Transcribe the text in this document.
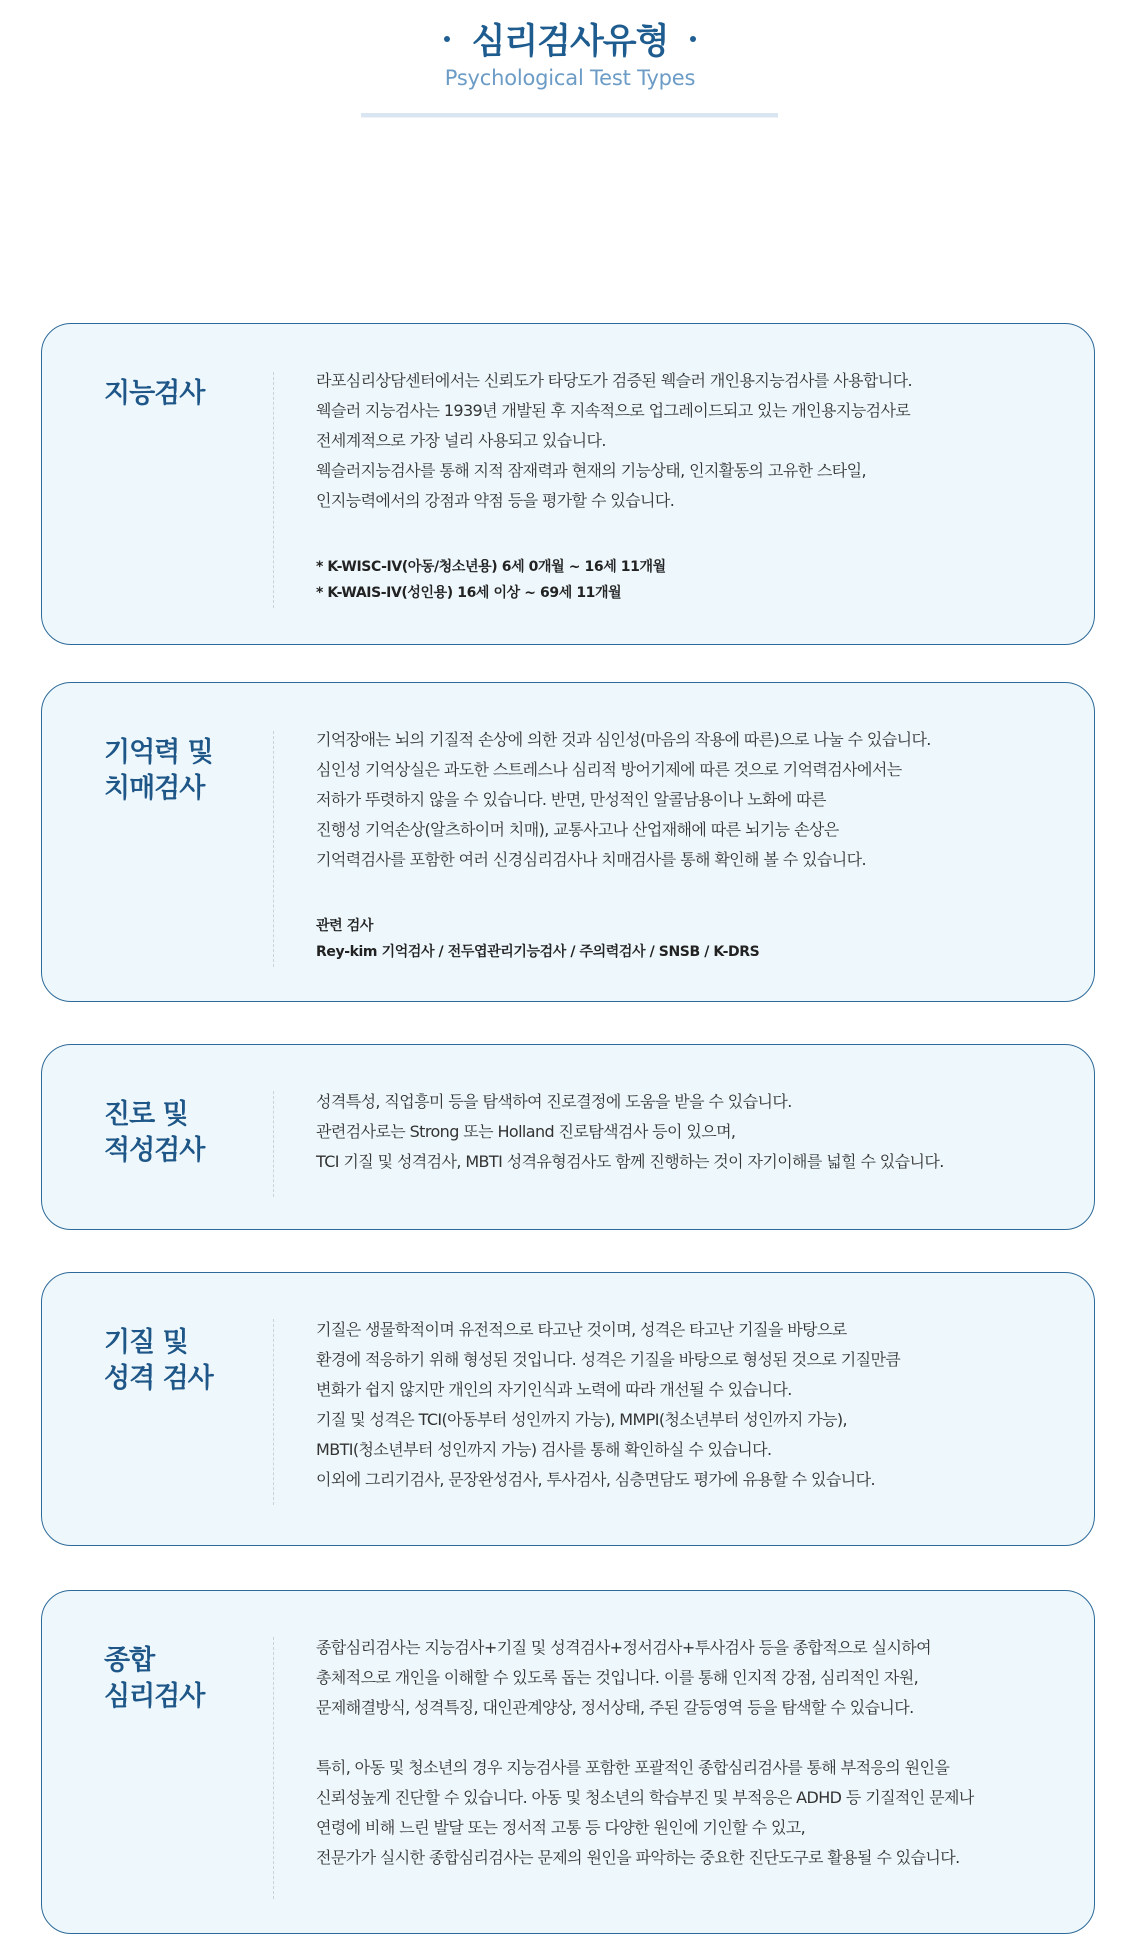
심리검사유형
Psychological Test Types
지능검사	라포심리상담센터에서는 신뢰도가 타당도가 검증된 웩슬러 개인용지능검사를 사용합니다.

웩슬러 지능검사는 1939년 개발된 후 지속적으로 업그레이드되고 있는 개인용지능검사로

전세계적으로 가장 널리 사용되고 있습니다.

웩슬러지능검사를 통해 지적 잠재력과 현재의 기능상태, 인지활동의 고유한 스타일,

인지능력에서의 강점과 약점 등을 평가할 수 있습니다.

* K-WISC-IV(아동/청소년용) 6세 0개월 ~ 16세 11개월

* K-WAIS-IV(성인용) 16세 이상 ~ 69세 11개월

기억력 및
치매검사

기억장애는 뇌의 기질적 손상에 의한 것과 심인성(마음의 작용에 따른)으로 나눌 수 있습니다.

심인성 기억상실은 과도한 스트레스나 심리적 방어기제에 따른 것으로 기억력검사에서는

저하가 뚜렷하지 않을 수 있습니다. 반면, 만성적인 알콜남용이나 노화에 따른

진행성 기억손상(알츠하이머 치매), 교통사고나 산업재해에 따른 뇌기능 손상은

기억력검사를 포함한 여러 신경심리검사나 치매검사를 통해 확인해 볼 수 있습니다.

관련 검사

Rey-kim 기억검사 / 전두엽관리기능검사 / 주의력검사 / SNSB / K-DRS

진로 및
적성검사

성격특성, 직업흥미 등을 탐색하여 진로결정에 도움을 받을 수 있습니다.

관련검사로는 Strong 또는 Holland 진로탐색검사 등이 있으며,

TCI 기질 및 성격검사, MBTI 성격유형검사도 함께 진행하는 것이 자기이해를 넓힐 수 있습니다.

기질 및
성격 검사

기질은 생물학적이며 유전적으로 타고난 것이며, 성격은 타고난 기질을 바탕으로

환경에 적응하기 위해 형성된 것입니다. 성격은 기질을 바탕으로 형성된 것으로 기질만큼

변화가 쉽지 않지만 개인의 자기인식과 노력에 따라 개선될 수 있습니다.

기질 및 성격은 TCI(아동부터 성인까지 가능), MMPI(청소년부터 성인까지 가능),

MBTI(청소년부터 성인까지 가능) 검사를 통해 확인하실 수 있습니다.

이외에 그리기검사, 문장완성검사, 투사검사, 심층면담도 평가에 유용할 수 있습니다.

종합
심리검사

종합심리검사는 지능검사+기질 및 성격검사+정서검사+투사검사 등을 종합적으로 실시하여

총체적으로 개인을 이해할 수 있도록 돕는 것입니다. 이를 통해 인지적 강점, 심리적인 자원,

문제해결방식, 성격특징, 대인관계양상, 정서상태, 주된 갈등영역 등을 탐색할 수 있습니다.

특히, 아동 및 청소년의 경우 지능검사를 포함한 포괄적인 종합심리검사를 통해 부적응의 원인을

신뢰성높게 진단할 수 있습니다. 아동 및 청소년의 학습부진 및 부적응은 ADHD 등 기질적인 문제나

연령에 비해 느린 발달 또는 정서적 고통 등 다양한 원인에 기인할 수 있고,

전문가가 실시한 종합심리검사는 문제의 원인을 파악하는 중요한 진단도구로 활용될 수 있습니다.
